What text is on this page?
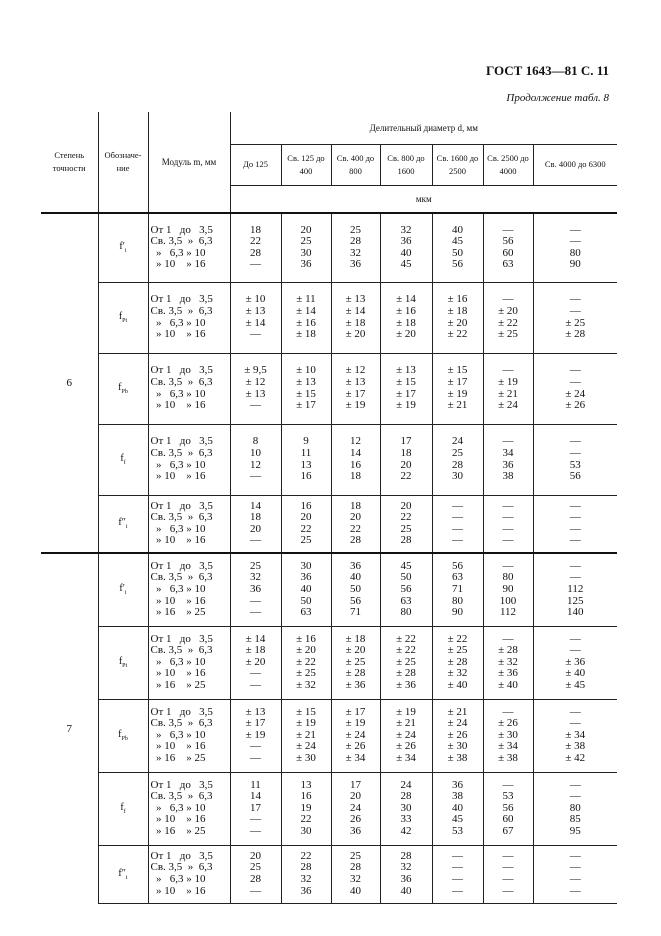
ГОСТ 1643—81 С. 11
Продолжение табл. 8
Степень точности	Обозначе-ние	Модуль m, мм	Делительный диаметр d, мм						
			До 125	Св. 125 до 400	Св. 400 до 800	Св. 800 до 1600	Св. 1600 до 2500	Св. 2500 до 4000	Св. 4000 до 6300
			мкм						
6	$f'_i$	От 1   до   3,5
Св. 3,5  »  6,3
»   6,3 » 10
» 10    » 16	18
22
28
—	20
25
30
36	25
28
32
36	32
36
40
45	40
45
50
56	—
56
60
63	—
—
80
90

	$f_{Pt}$	От 1   до   3,5
Св. 3,5  »  6,3
»   6,3 » 10
» 10    » 16	± 10
± 13
± 14
—	± 11
± 14
± 16
± 18	± 13
± 14
± 18
± 20	± 14
± 16
± 18
± 20	± 16
± 18
± 20
± 22	—
± 20
± 22
± 25	—
—
± 25
± 28

	$f_{Pb}$	От 1   до   3,5
Св. 3,5  »  6,3
»   6,3 » 10
» 10    » 16	± 9,5
± 12
± 13
—	± 10
± 13
± 15
± 17	± 12
± 13
± 17
± 19	± 13
± 15
± 17
± 19	± 15
± 17
± 19
± 21	—
± 19
± 21
± 24	—
—
± 24
± 26

	$f_f$	От 1   до   3,5
Св. 3,5  »  6,3
»   6,3 » 10
» 10    » 16	8
10
12
—	9
11
13
16	12
14
16
18	17
18
20
22	24
25
28
30	—
34
36
38	—
—
53
56

	$f''_i$	От 1   до   3,5
Св. 3,5  »  6,3
»   6,3 » 10
» 10    » 16	14
18
20
—	16
20
22
25	18
20
22
28	20
22
25
28	—
—
—
—	—
—
—
—	—
—
—
—

7	$f'_i$	От 1   до   3,5
Св. 3,5  »  6,3
»   6,3 » 10
» 10    » 16
» 16    » 25	25
32
36
—
—	30
36
40
50
63	36
40
50
56
71	45
50
56
63
80	56
63
71
80
90	—
80
90
100
112	—
—
112
125
140

	$f_{Pt}$	От 1   до   3,5
Св. 3,5  »  6,3
»   6,3 » 10
» 10    » 16
» 16    » 25	± 14
± 18
± 20
—
—	± 16
± 20
± 22
± 25
± 32	± 18
± 20
± 25
± 28
± 36	± 22
± 22
± 25
± 28
± 36	± 22
± 25
± 28
± 32
± 40	—
± 28
± 32
± 36
± 40	—
—
± 36
± 40
± 45

	$f_{Pb}$	От 1   до   3,5
Св. 3,5  »  6,3
»   6,3 » 10
» 10    » 16
» 16    » 25	± 13
± 17
± 19
—
—	± 15
± 19
± 21
± 24
± 30	± 17
± 19
± 24
± 26
± 34	± 19
± 21
± 24
± 26
± 34	± 21
± 24
± 26
± 30
± 38	—
± 26
± 30
± 34
± 38	—
—
± 34
± 38
± 42

	$f_f$	От 1   до   3,5
Св. 3,5  »  6,3
»   6,3 » 10
» 10    » 16
» 16    » 25	11
14
17
—
—	13
16
19
22
30	17
20
24
26
36	24
28
30
33
42	36
38
40
45
53	—
53
56
60
67	—
—
80
85
95

	$f''_i$	От 1   до   3,5
Св. 3,5  »  6,3
»   6,3 » 10
» 10    » 16	20
25
28
—	22
28
32
36	25
28
32
40	28
32
36
40	—
—
—
—	—
—
—
—	—
—
—
—
